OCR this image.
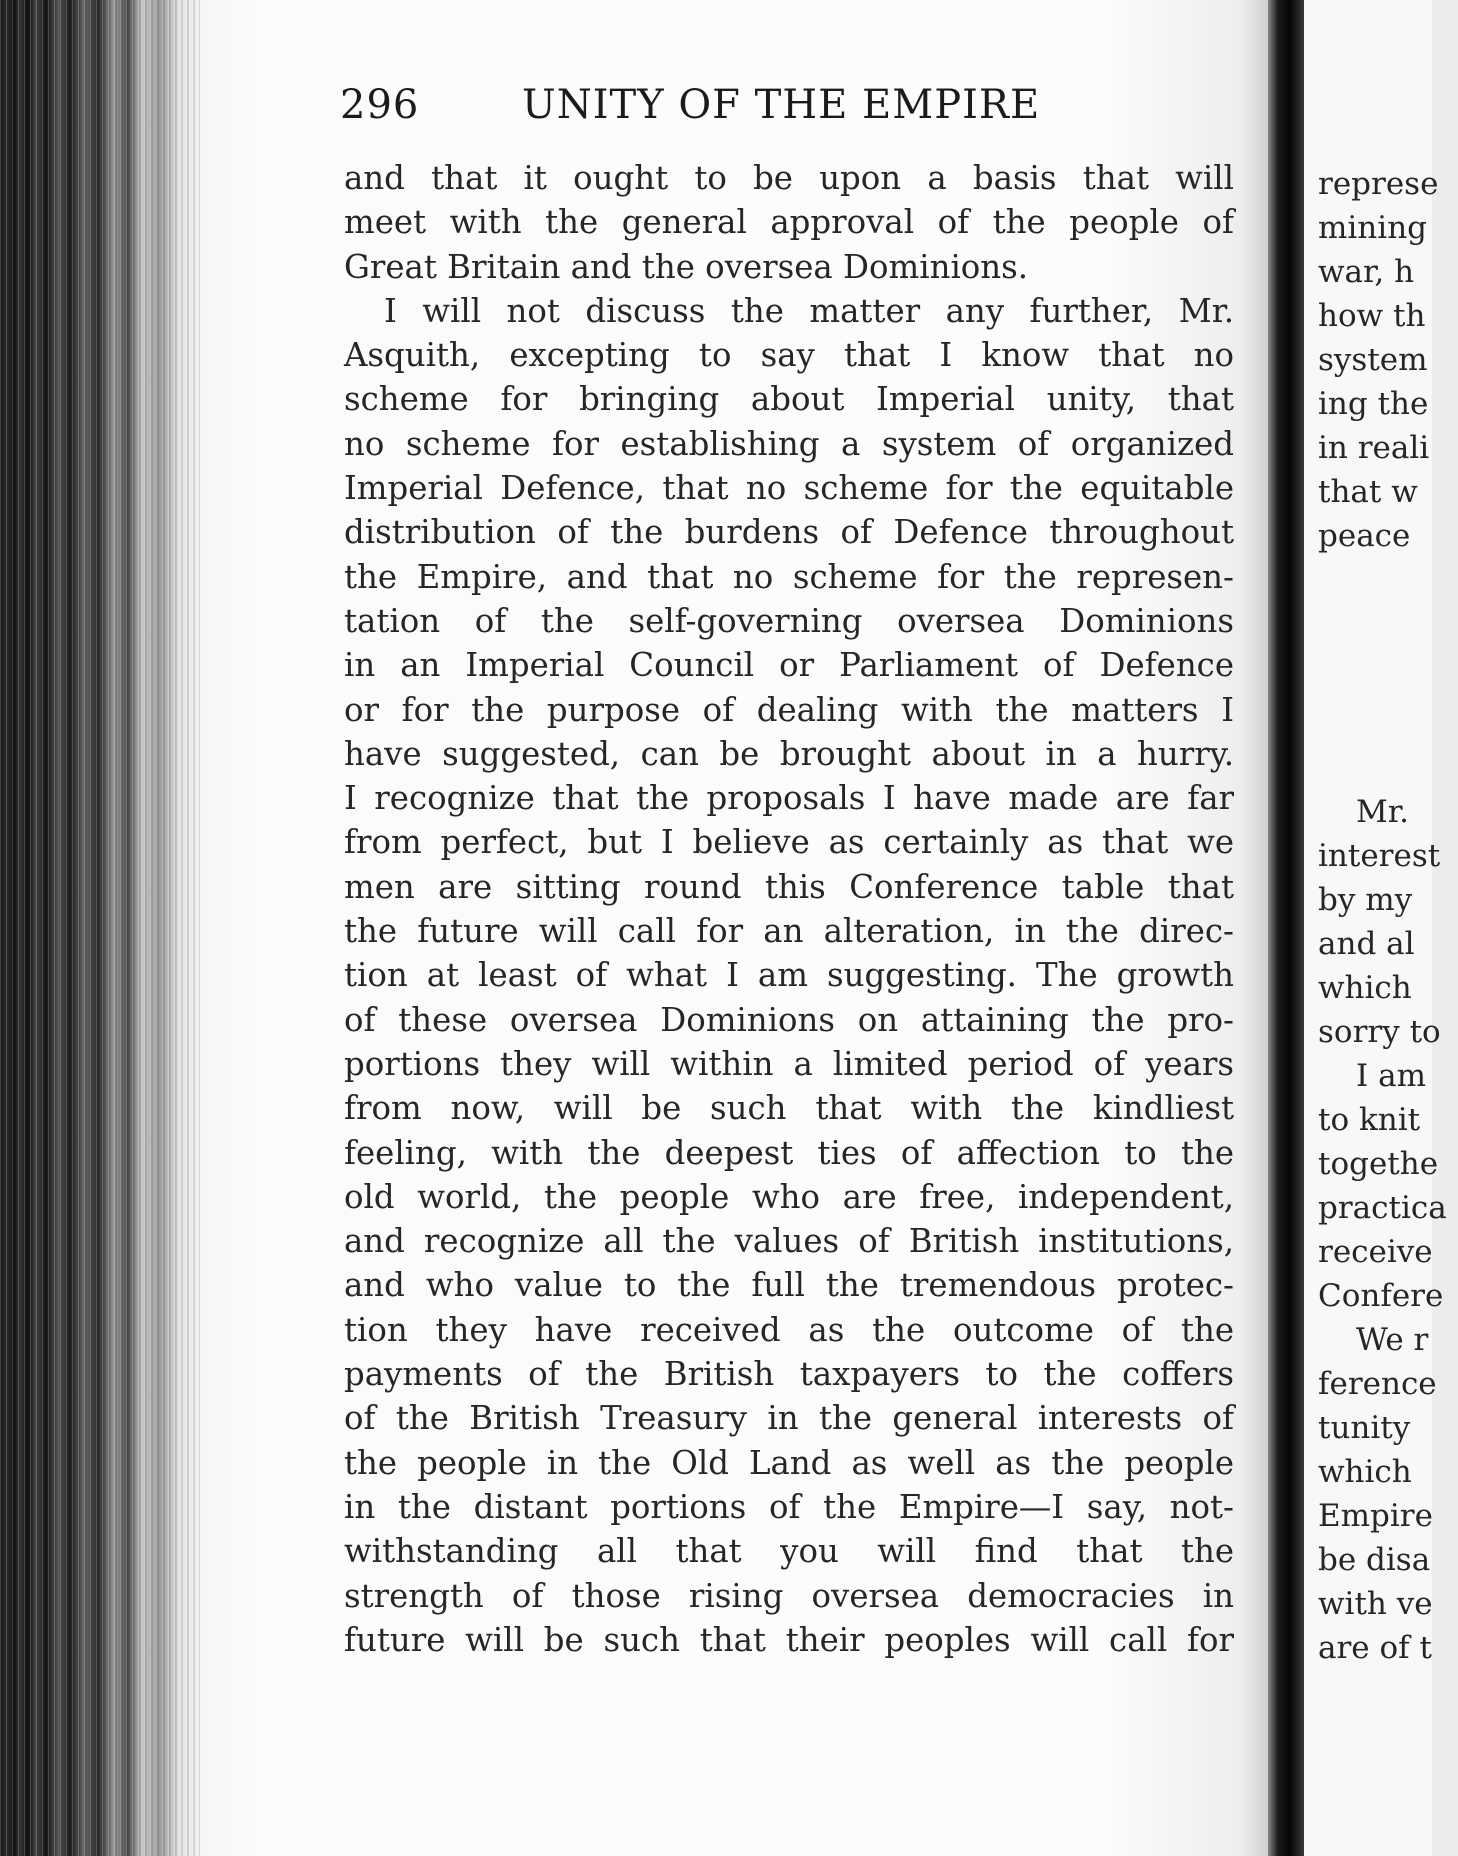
296	UNITY OF THE EMPIRE
and that it ought to be upon a basis that will
meet with the general approval of the people of
Great Britain and the oversea Dominions.
I will not discuss the matter any further, Mr.
Asquith, excepting to say that I know that no
scheme for bringing about Imperial unity, that
no scheme for establishing a system of organized
Imperial Defence, that no scheme for the equitable
distribution of the burdens of Defence throughout
the Empire, and that no scheme for the represen-
tation of the self-governing oversea Dominions
in an Imperial Council or Parliament of Defence
or for the purpose of dealing with the matters I
have suggested, can be brought about in a hurry.
I recognize that the proposals I have made are far
from perfect, but I believe as certainly as that we
men are sitting round this Conference table that
the future will call for an alteration, in the direc-
tion at least of what I am suggesting. The growth
of these oversea Dominions on attaining the pro-
portions they will within a limited period of years
from now, will be such that with the kindliest
feeling, with the deepest ties of affection to the
old world, the people who are free, independent,
and recognize all the values of British institutions,
and who value to the full the tremendous protec-
tion they have received as the outcome of the
payments of the British taxpayers to the coffers
of the British Treasury in the general interests of
the people in the Old Land as well as the people
in the distant portions of the Empire—I say, not-
withstanding all that you will find that the
strength of those rising oversea democracies in
future will be such that their peoples will call for
represe
mining
war, h
how th
system
ing the
in reali
that w
peace
Mr.
interest
by my
and al
which
sorry to
I am
to knit
togethe
practica
receive
Confere
We r
ference
tunity
which
Empire
be disa
with ve
are of t
